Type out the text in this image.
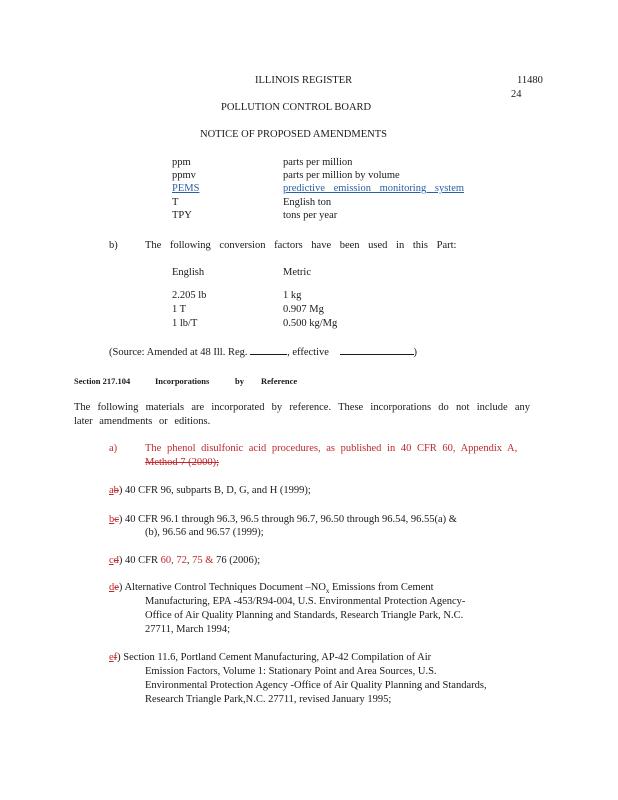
ILLINOIS REGISTER	11480
24
POLLUTION CONTROL BOARD
NOTICE OF PROPOSED AMENDMENTS
ppm	parts per million
ppmv	parts per million by volume
PEMS	predictive emission monitoring system
T	English ton
TPY	tons per year
b)	The following conversion factors have been used in this Part:
English	Metric
2.205 lb	1 kg
1 T	0.907 Mg
1 lb/T	0.500 kg/Mg
(Source: Amended at 48 Ill. Reg.	, effective	)
Section 217.104	Incorporations	by Reference
The following materials are incorporated by reference. These incorporations do not include any later amendments or editions.
a)	The phenol disulfonic acid procedures, as published in 40 CFR 60, Appendix A,
Method 7 (2000);
ab) 40 CFR 96, subparts B, D, G, and H (1999);
bc) 40 CFR 96.1 through 96.3, 96.5 through 96.7, 96.50 through 96.54, 96.55(a) &
(b), 96.56 and 96.57 (1999);
cd) 40 CFR 60, 72, 75 & 76 (2006);
de) Alternative Control Techniques Document $-NO_x$ Emissions from Cement
Manufacturing, EPA -453/R94-004, U.S. Environmental Protection Agency-
Office of Air Quality Planning and Standards, Research Triangle Park, N.C.
27711, March 1994;
ef) Section 11.6, Portland Cement Manufacturing, AP-42 Compilation of Air
Emission Factors, Volume 1: Stationary Point and Area Sources, U.S.
Environmental Protection Agency -Office of Air Quality Planning and Standards,
Research Triangle Park,N.C. 27711, revised January 1995;
